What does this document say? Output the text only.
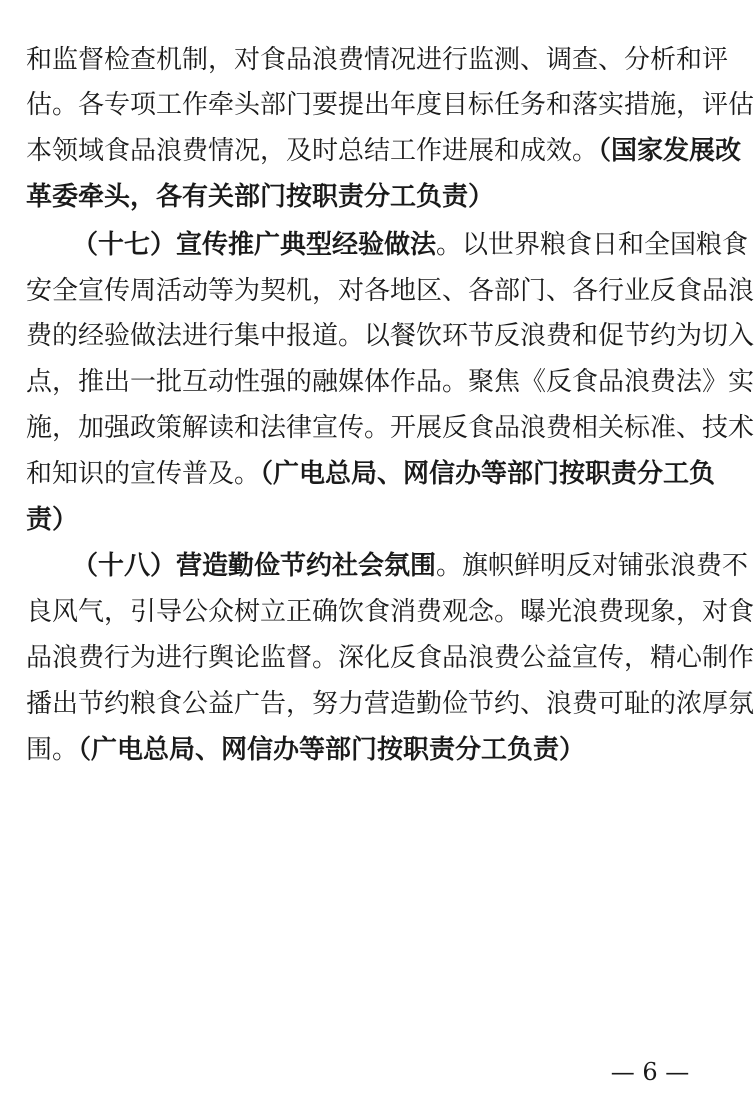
和监督检查机制，对食品浪费情况进行监测、调查、分析和评
估。各专项工作牵头部门要提出年度目标任务和落实措施，评估
本领域食品浪费情况，及时总结工作进展和成效。（国家发展改
革委牵头，各有关部门按职责分工负责）
（十七）宣传推广典型经验做法。以世界粮食日和全国粮食
安全宣传周活动等为契机，对各地区、各部门、各行业反食品浪
费的经验做法进行集中报道。以餐饮环节反浪费和促节约为切入
点，推出一批互动性强的融媒体作品。聚焦《反食品浪费法》实
施，加强政策解读和法律宣传。开展反食品浪费相关标准、技术
和知识的宣传普及。（广电总局、网信办等部门按职责分工负
责）
（十八）营造勤俭节约社会氛围。旗帜鲜明反对铺张浪费不
良风气，引导公众树立正确饮食消费观念。曝光浪费现象，对食
品浪费行为进行舆论监督。深化反食品浪费公益宣传，精心制作
播出节约粮食公益广告，努力营造勤俭节约、浪费可耻的浓厚氛
围。（广电总局、网信办等部门按职责分工负责）
— 6 —
